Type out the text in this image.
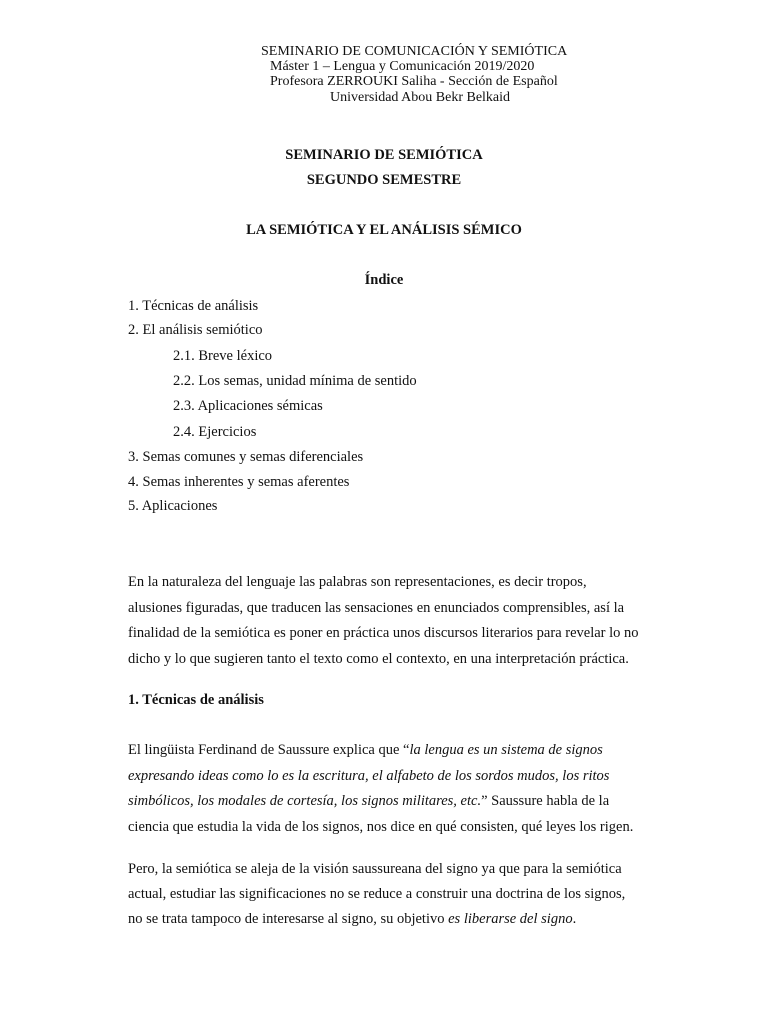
SEMINARIO DE COMUNICACIÓN Y SEMIÓTICA
Máster 1 – Lengua y Comunicación 2019/2020
Profesora ZERROUKI Saliha - Sección de Español
Universidad Abou Bekr Belkaid
SEMINARIO DE SEMIÓTICA
SEGUNDO SEMESTRE
LA SEMIÓTICA Y EL ANÁLISIS SÉMICO
Índice
1. Técnicas de análisis
2. El análisis semiótico
2.1. Breve léxico
2.2. Los semas, unidad mínima de sentido
2.3. Aplicaciones sémicas
2.4. Ejercicios
3. Semas comunes y semas diferenciales
4. Semas inherentes y semas aferentes
5. Aplicaciones
En la naturaleza del lenguaje las palabras son representaciones, es decir tropos,
alusiones figuradas, que traducen las sensaciones en enunciados comprensibles, así la
finalidad de la semiótica es poner en práctica unos discursos literarios para revelar lo no
dicho y lo que sugieren tanto el texto como el contexto, en una interpretación práctica.
1. Técnicas de análisis
El lingüista Ferdinand de Saussure explica que “la lengua es un sistema de signos
expresando ideas como lo es la escritura, el alfabeto de los sordos mudos, los ritos
simbólicos, los modales de cortesía, los signos militares, etc.” Saussure habla de la
ciencia que estudia la vida de los signos, nos dice en qué consisten, qué leyes los rigen.
Pero, la semiótica se aleja de la visión saussureana del signo ya que para la semiótica
actual, estudiar las significaciones no se reduce a construir una doctrina de los signos,
no se trata tampoco de interesarse al signo, su objetivo es liberarse del signo.
